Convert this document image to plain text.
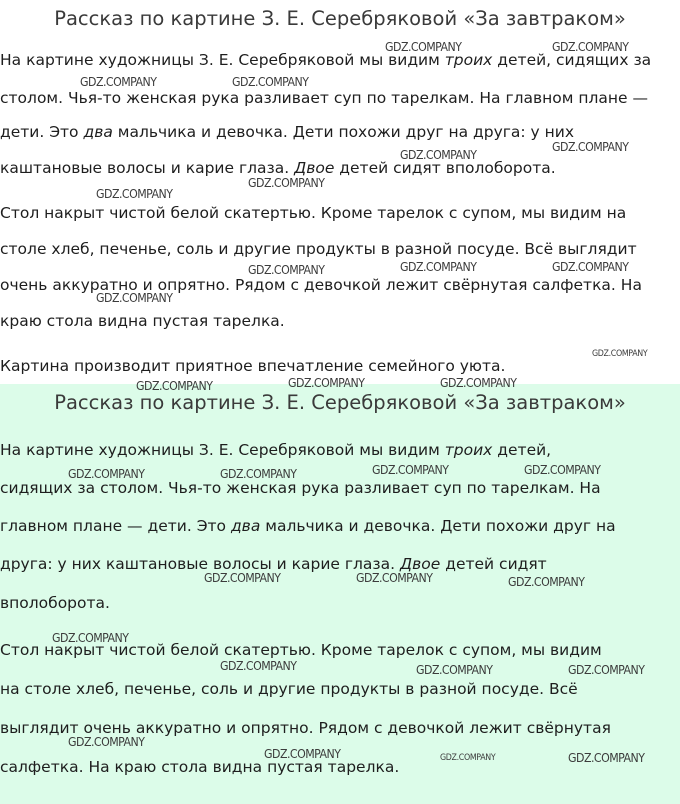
Рассказ по картине З. Е. Серебряковой «За завтраком»
На картине художницы З. Е. Серебряковой мы видим троих детей, сидящих за
столом. Чья-то женская рука разливает суп по тарелкам. На главном плане —
дети. Это два мальчика и девочка. Дети похожи друг на друга: у них
каштановые волосы и карие глаза. Двое детей сидят вполоборота.
Стол накрыт чистой белой скатертью. Кроме тарелок с супом, мы видим на
столе хлеб, печенье, соль и другие продукты в разной посуде. Всё выглядит
очень аккуратно и опрятно. Рядом с девочкой лежит свёрнутая салфетка. На
краю стола видна пустая тарелка.
Картина производит приятное впечатление семейного уюта.
Рассказ по картине З. Е. Серебряковой «За завтраком»
На картине художницы З. Е. Серебряковой мы видим троих детей,
сидящих за столом. Чья-то женская рука разливает суп по тарелкам. На
главном плане — дети. Это два мальчика и девочка. Дети похожи друг на
друга: у них каштановые волосы и карие глаза. Двое детей сидят
вполоборота.
Стол накрыт чистой белой скатертью. Кроме тарелок с супом, мы видим
на столе хлеб, печенье, соль и другие продукты в разной посуде. Всё
выглядит очень аккуратно и опрятно. Рядом с девочкой лежит свёрнутая
салфетка. На краю стола видна пустая тарелка.
GDZ.COMPANY	GDZ.COMPANY
GDZ.COMPANY	GDZ.COMPANY
GDZ.COMPANY
GDZ.COMPANY
GDZ.COMPANY
GDZ.COMPANY
GDZ.COMPANY	GDZ.COMPANY
GDZ.COMPANY
GDZ.COMPANY
GDZ.COMPANY
GDZ.COMPANY	GDZ.COMPANY	GDZ.COMPANY
GDZ.COMPANY	GDZ.COMPANY
GDZ.COMPANY	GDZ.COMPANY
GDZ.COMPANY	GDZ.COMPANY	GDZ.COMPANY
GDZ.COMPANY
GDZ.COMPANY	GDZ.COMPANY	GDZ.COMPANY
GDZ.COMPANY
GDZ.COMPANY	GDZ.COMPANY	GDZ.COMPANY
